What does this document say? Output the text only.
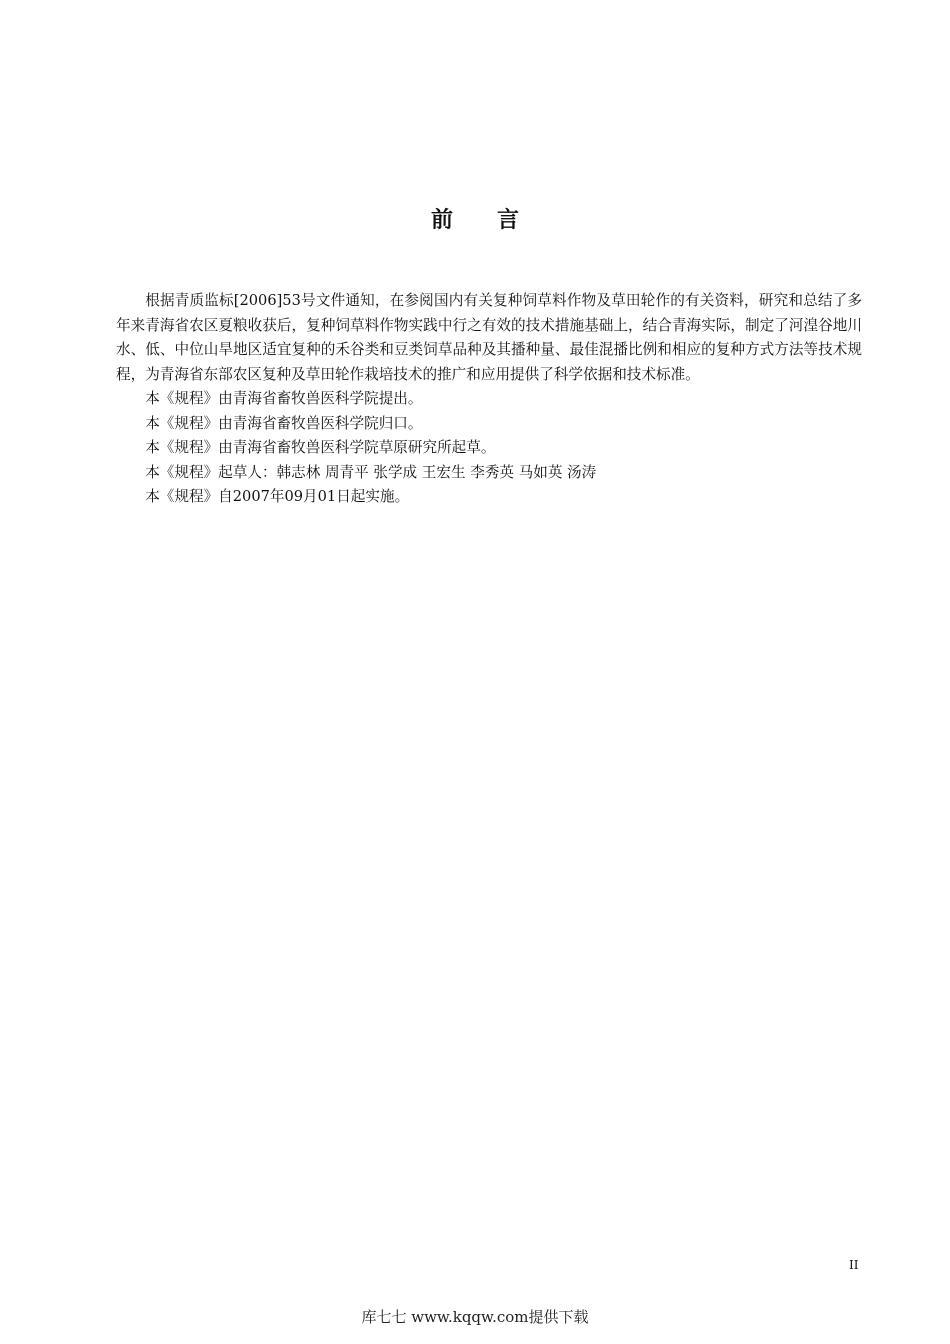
前 言

根据青质监标[2006]53号文件通知，在参阅国内有关复种饲草料作物及草田轮作的有关资料，研究和总结了多年来青海省农区夏粮收获后，复种饲草料作物实践中行之有效的技术措施基础上，结合青海实际，制定了河湟谷地川水、低、中位山旱地区适宜复种的禾谷类和豆类饲草品种及其播种量、最佳混播比例和相应的复种方式方法等技术规程，为青海省东部农区复种及草田轮作栽培技术的推广和应用提供了科学依据和技术标准。

本《规程》由青海省畜牧兽医科学院提出。

本《规程》由青海省畜牧兽医科学院归口。

本《规程》由青海省畜牧兽医科学院草原研究所起草。

本《规程》起草人：韩志林 周青平 张学成 王宏生 李秀英 马如英 汤涛

本《规程》自2007年09月01日起实施。

II
库七七 www.kqqw.com提供下载
